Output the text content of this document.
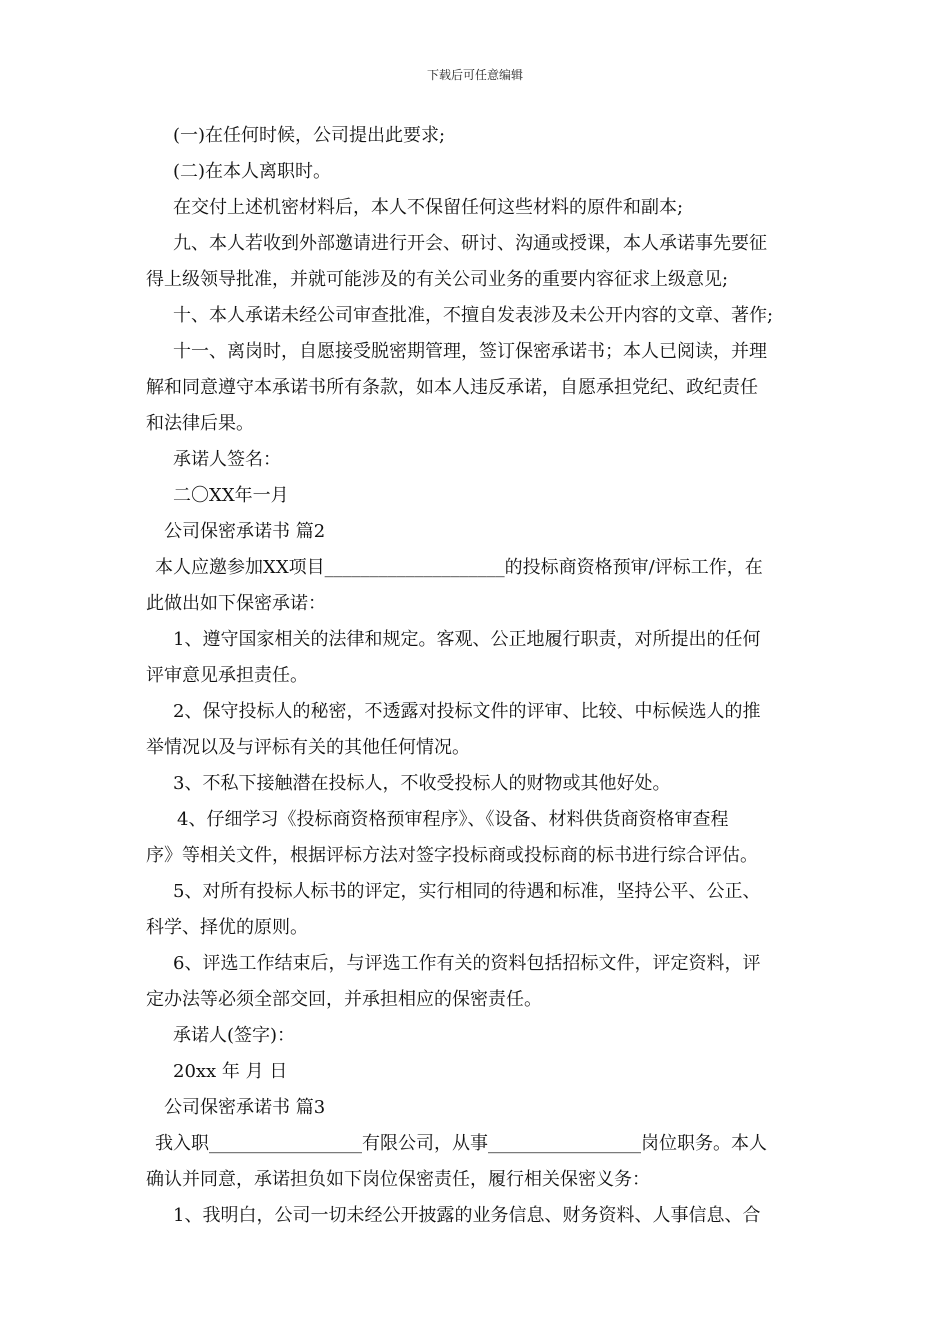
下载后可任意编辑
(一)在任何时候，公司提出此要求;
(二)在本人离职时。
在交付上述机密材料后，本人不保留任何这些材料的原件和副本;
九、本人若收到外部邀请进行开会、研讨、沟通或授课，本人承诺事先要征
得上级领导批准，并就可能涉及的有关公司业务的重要内容征求上级意见;
十、本人承诺未经公司审查批准，不擅自发表涉及未公开内容的文章、著作;
十一、离岗时，自愿接受脱密期管理，签订保密承诺书；本人已阅读，并理
解和同意遵守本承诺书所有条款，如本人违反承诺，自愿承担党纪、政纪责任
和法律后果。
承诺人签名：
二〇XX年一月
公司保密承诺书 篇2
本人应邀参加XX项目____________________的投标商资格预审/评标工作，在
此做出如下保密承诺：
1、遵守国家相关的法律和规定。客观、公正地履行职责，对所提出的任何
评审意见承担责任。
2、保守投标人的秘密，不透露对投标文件的评审、比较、中标候选人的推
举情况以及与评标有关的其他任何情况。
3、不私下接触潜在投标人，不收受投标人的财物或其他好处。
4、仔细学习《投标商资格预审程序》、《设备、材料供货商资格审查程
序》等相关文件，根据评标方法对签字投标商或投标商的标书进行综合评估。
5、对所有投标人标书的评定，实行相同的待遇和标准，坚持公平、公正、
科学、择优的原则。
6、评选工作结束后，与评选工作有关的资料包括招标文件，评定资料，评
定办法等必须全部交回，并承担相应的保密责任。
承诺人(签字)：
20xx 年 月 日
公司保密承诺书 篇3
我入职_________________有限公司，从事_________________岗位职务。本人
确认并同意，承诺担负如下岗位保密责任，履行相关保密义务：
1、我明白，公司一切未经公开披露的业务信息、财务资料、人事信息、合
